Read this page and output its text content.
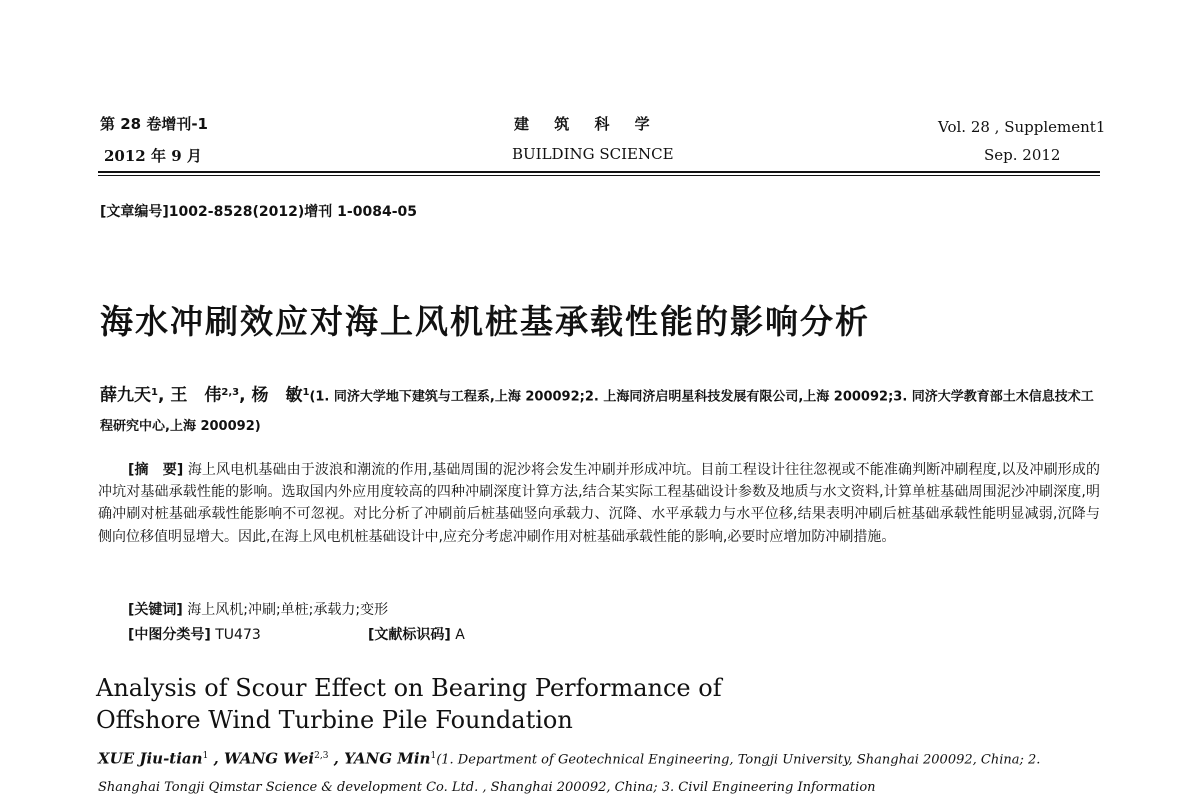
第 28 卷增刊-1
2012 年 9 月
建 筑 科 学
BUILDING SCIENCE
Vol. 28 , Supplement1
Sep. 2012
[文章编号]1002-8528(2012)增刊 1-0084-05
海水冲刷效应对海上风机桩基承载性能的影响分析
薛九天$^1$, 王　伟$^{2,3}$, 杨　敏$^1$(1. 同济大学地下建筑与工程系,上海 200092;2. 上海同济启明星科技发展有限公司,上海 200092;3. 同济大学教育部土木信息技术工程研究中心,上海 200092)
[摘　要] 海上风电机基础由于波浪和潮流的作用,基础周围的泥沙将会发生冲刷并形成冲坑。目前工程设计往往忽视或不能准确判断冲刷程度,以及冲刷形成的冲坑对基础承载性能的影响。选取国内外应用度较高的四种冲刷深度计算方法,结合某实际工程基础设计参数及地质与水文资料,计算单桩基础周围泥沙冲刷深度,明确冲刷对桩基础承载性能影响不可忽视。对比分析了冲刷前后桩基础竖向承载力、沉降、水平承载力与水平位移,结果表明冲刷后桩基础承载性能明显减弱,沉降与侧向位移值明显增大。因此,在海上风电机桩基础设计中,应充分考虑冲刷作用对桩基础承载性能的影响,必要时应增加防冲刷措施。
[关键词] 海上风机;冲刷;单桩;承载力;变形
[中图分类号] TU473	[文献标识码] A
Analysis of Scour Effect on Bearing Performance of
Offshore Wind Turbine Pile Foundation
XUE Jiu-tian$^1$ , WANG Wei$^{2,3}$ , YANG Min$^1$(1. Department of Geotechnical Engineering, Tongji University, Shanghai 200092, China; 2. Shanghai Tongji Qimstar Science & development Co. Ltd. , Shanghai 200092, China; 3. Civil Engineering Information
